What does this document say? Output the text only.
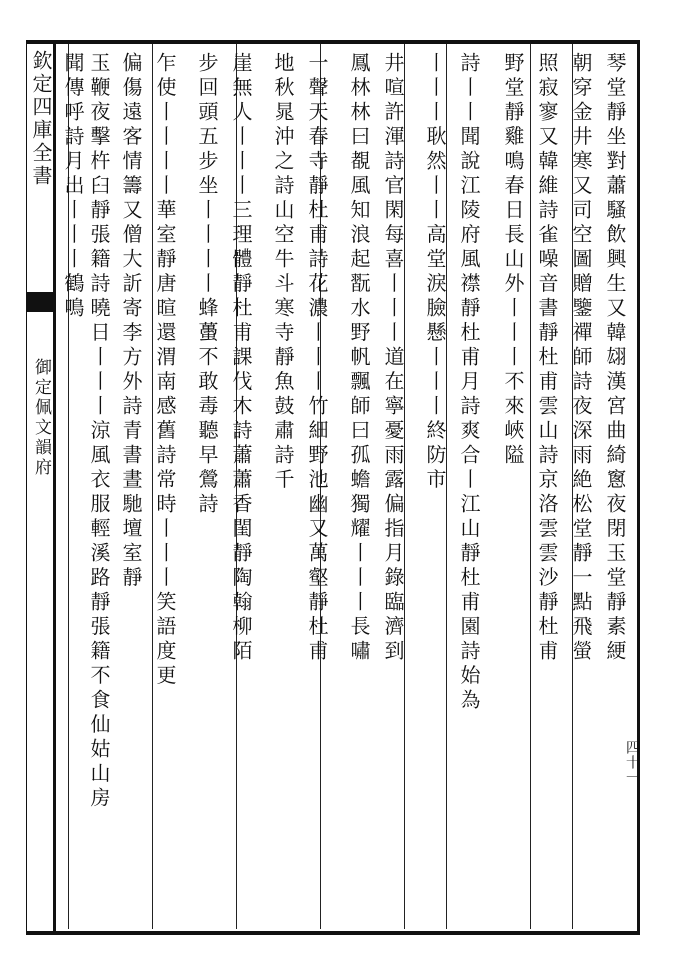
欽定四庫全書
御定佩文韻府	琴堂靜坐對蕭騷飲興生又韓翃漢宮曲綺窻夜閉玉堂靜素綆
朝穿金井寒又司空圖贈鑒禪師詩夜深雨絶松堂靜一點飛螢
照寂寥又韓維詩雀噪音書靜杜甫雲山詩京洛雲雲沙靜杜甫
野堂靜雞鳴春日長山外丨丨丨不來峽隘
詩丨丨聞說江陵府風襟靜杜甫月詩爽合丨江山靜杜甫園詩始為
丨丨丨耿然丨丨高堂淚臉懸丨丨丨終防市
井喧許渾詩官閑每喜丨丨丨道在寧憂雨露偏指月錄臨濟到
鳳林林曰覩風知浪起翫水野帆飄師曰孤蟾獨耀丨丨丨長嘯
一聲天春寺靜杜甫詩花濃丨丨丨竹細野池幽又萬壑靜杜甫
地秋晁沖之詩山空牛斗寒寺靜魚鼓肅詩千
崖無人丨丨丨三理體靜杜甫課伐木詩蕭蕭香閨靜陶翰柳陌
步回頭五步坐丨丨丨丨蜂蠆不敢毒聽早鶯詩
乍使丨丨丨丨華室靜唐暄還渭南感舊詩常時丨丨丨笑語度更
偏傷遠客情籌又僧大訢寄李方外詩青書晝馳壇室靜
玉鞭夜擊杵臼靜張籍詩曉日丨丨丨涼風衣服輕溪路靜張籍不食仙姑山房
聞傳呼詩月出丨丨丨鶴鳴
四十一
